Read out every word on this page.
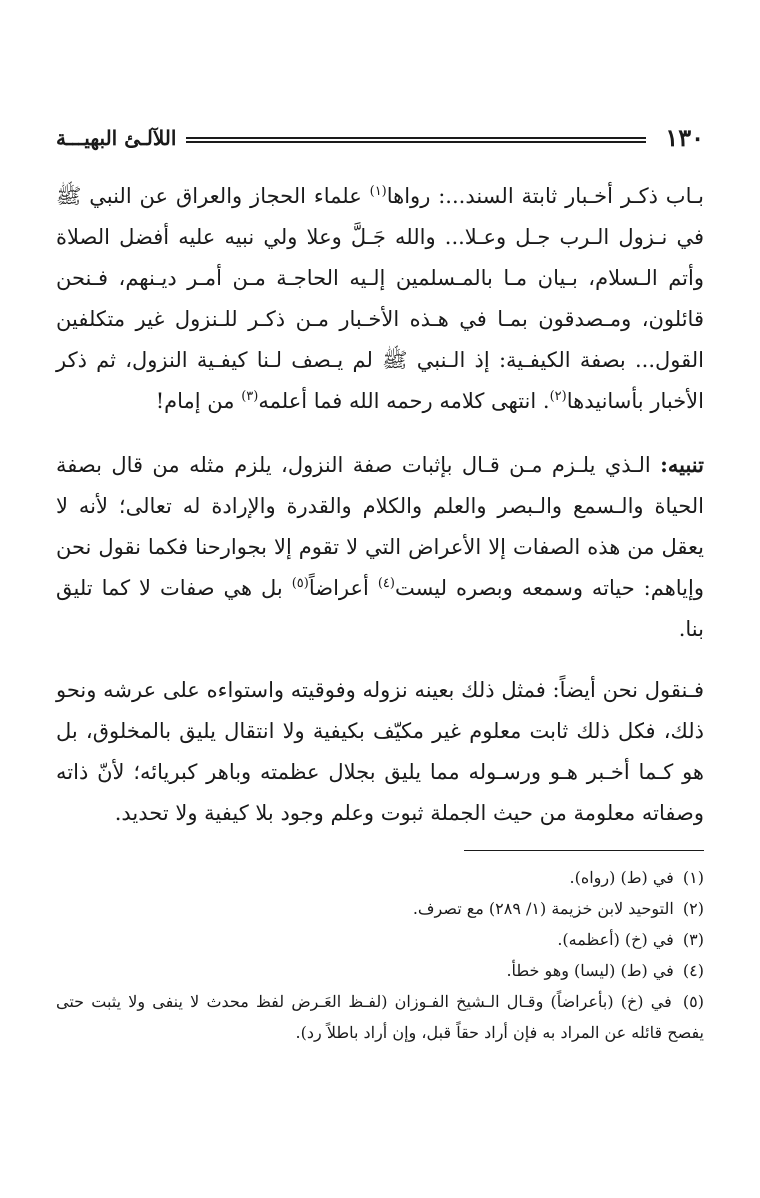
١٣٠
اللآلـئ البهيـــة

بـاب ذكـر أخـبار ثابتة السند...: رواها$^{(١)}$ علماء الحجاز والعراق عن النبي ﷺ في نـزول الـرب جـل وعـلا... والله جَـلَّ وعلا ولي نبيه عليه أفضل الصلاة وأتم الـسلام، بـيان مـا بالمـسلمين إلـيه الحاجـة مـن أمـر ديـنهم، فـنحن قائلون، ومـصدقون بمـا في هـذه الأخـبار مـن ذكـر للـنزول غير متكلفين القول... بصفة الكيفـية: إذ الـنبي ﷺ لم يـصف لـنا كيفـية النزول، ثم ذكر الأخبار بأسانيدها$^{(٢)}$. انتهى كلامه رحمه الله فما أعلمه$^{(٣)}$ من إمام!

تنبيه: الـذي يلـزم مـن قـال بإثبات صفة النزول، يلزم مثله من قال بصفة الحياة والـسمع والـبصر والعلم والكلام والقدرة والإرادة له تعالى؛ لأنه لا يعقل من هذه الصفات إلا الأعراض التي لا تقوم إلا بجوارحنا فكما نقول نحن وإياهم: حياته وسمعه وبصره ليست$^{(٤)}$ أعراضاً$^{(٥)}$ بل هي صفات لا كما تليق بنا.

فـنقول نحن أيضاً: فمثل ذلك بعينه نزوله وفوقيته واستواءه على عرشه ونحو ذلك، فكل ذلك ثابت معلوم غير مكيّف بكيفية ولا انتقال يليق بالمخلوق، بل هو كـما أخـبر هـو ورسـوله مما يليق بجلال عظمته وباهر كبريائه؛ لأنّ ذاته وصفاته معلومة من حيث الجملة ثبوت وعلم وجود بلا كيفية ولا تحديد.

(١) في (ط) (رواه).

(٢) التوحيد لابن خزيمة (١/ ٢٨٩) مع تصرف.

(٣) في (خ) (أعظمه).

(٤) في (ط) (ليسا) وهو خطأ.

(٥) في (خ) (بأعراضاً) وقـال الـشيخ الفـوزان (لفـظ العَـرض لفظ محدث لا ينفى ولا يثبت حتى يفصح قائله عن المراد به فإن أراد حقاً قبل، وإن أراد باطلاً رد).
